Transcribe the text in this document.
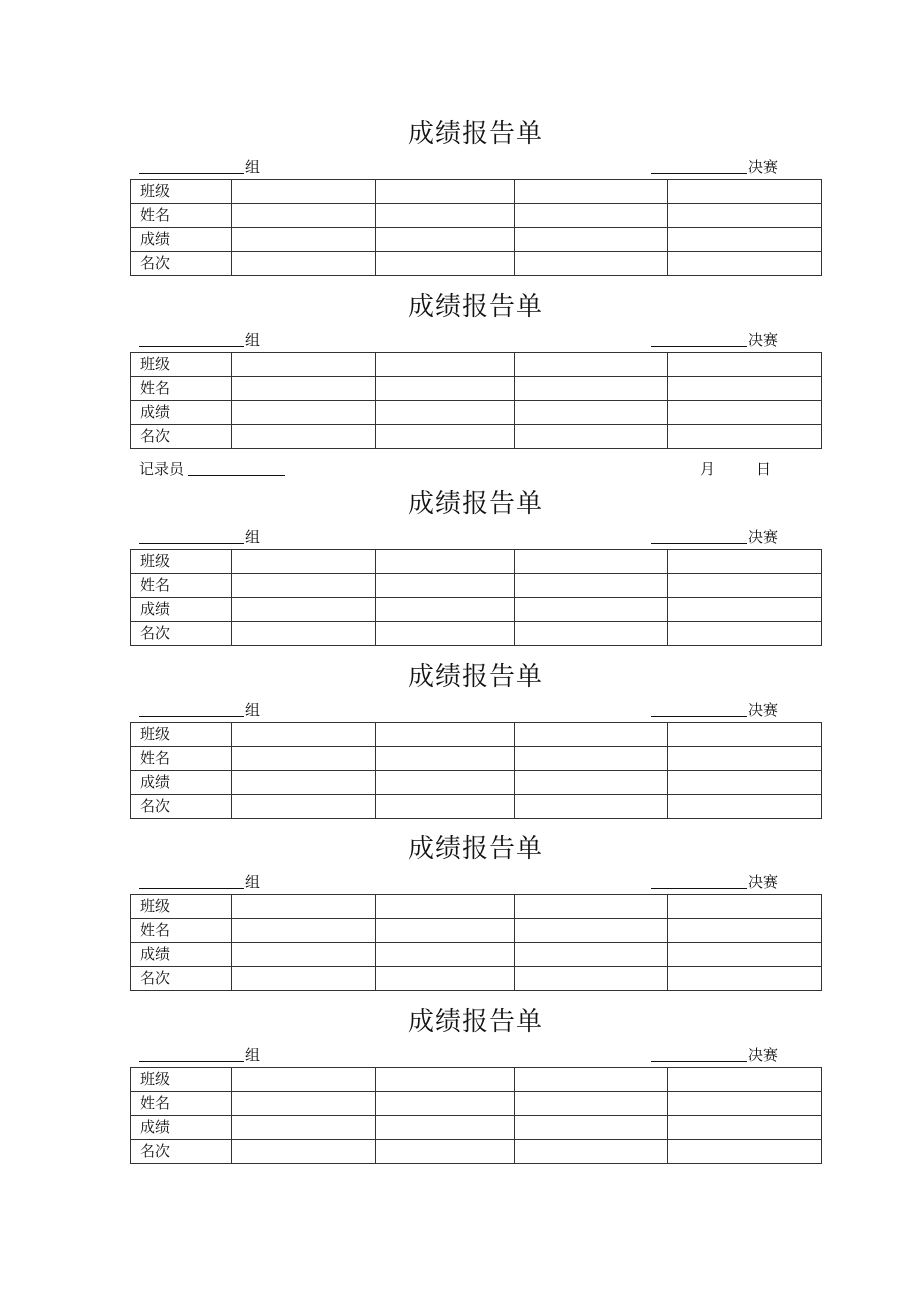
成绩报告单
组	决赛
班级				
姓名				
成绩				
名次				
成绩报告单
组	决赛
班级				
姓名				
成绩				
名次				
记录员	月	日
成绩报告单
组	决赛
班级				
姓名				
成绩				
名次				
成绩报告单
组	决赛
班级				
姓名				
成绩				
名次				
成绩报告单
组	决赛
班级				
姓名				
成绩				
名次				
成绩报告单
组	决赛
班级				
姓名				
成绩				
名次				
